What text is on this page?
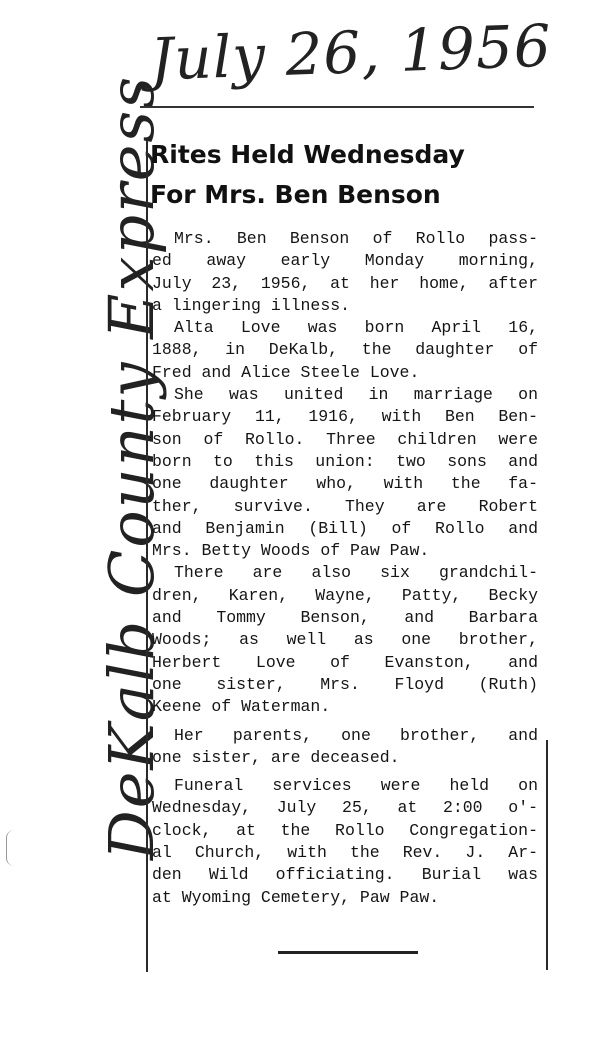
July 26, 1956
DeKalb County Express
Rites Held Wednesday
For Mrs. Ben Benson
Mrs. Ben Benson of Rollo pass-
ed away early Monday morning,
July 23, 1956, at her home, after
a lingering illness.
Alta Love was born April 16,
1888, in DeKalb, the daughter of
Fred and Alice Steele Love.
She was united in marriage on
February 11, 1916, with Ben Ben-
son of Rollo. Three children were
born to this union: two sons and
one daughter who, with the fa-
ther, survive. They are Robert
and Benjamin (Bill) of Rollo and
Mrs. Betty Woods of Paw Paw.
There are also six grandchil-
dren, Karen, Wayne, Patty, Becky
and Tommy Benson, and Barbara
Woods; as well as one brother,
Herbert Love of Evanston, and
one sister, Mrs. Floyd (Ruth)
Keene of Waterman.
Her parents, one brother, and
one sister, are deceased.
Funeral services were held on
Wednesday, July 25, at 2:00 o'-
clock, at the Rollo Congregation-
al Church, with the Rev. J. Ar-
den Wild officiating. Burial was
at Wyoming Cemetery, Paw Paw.
